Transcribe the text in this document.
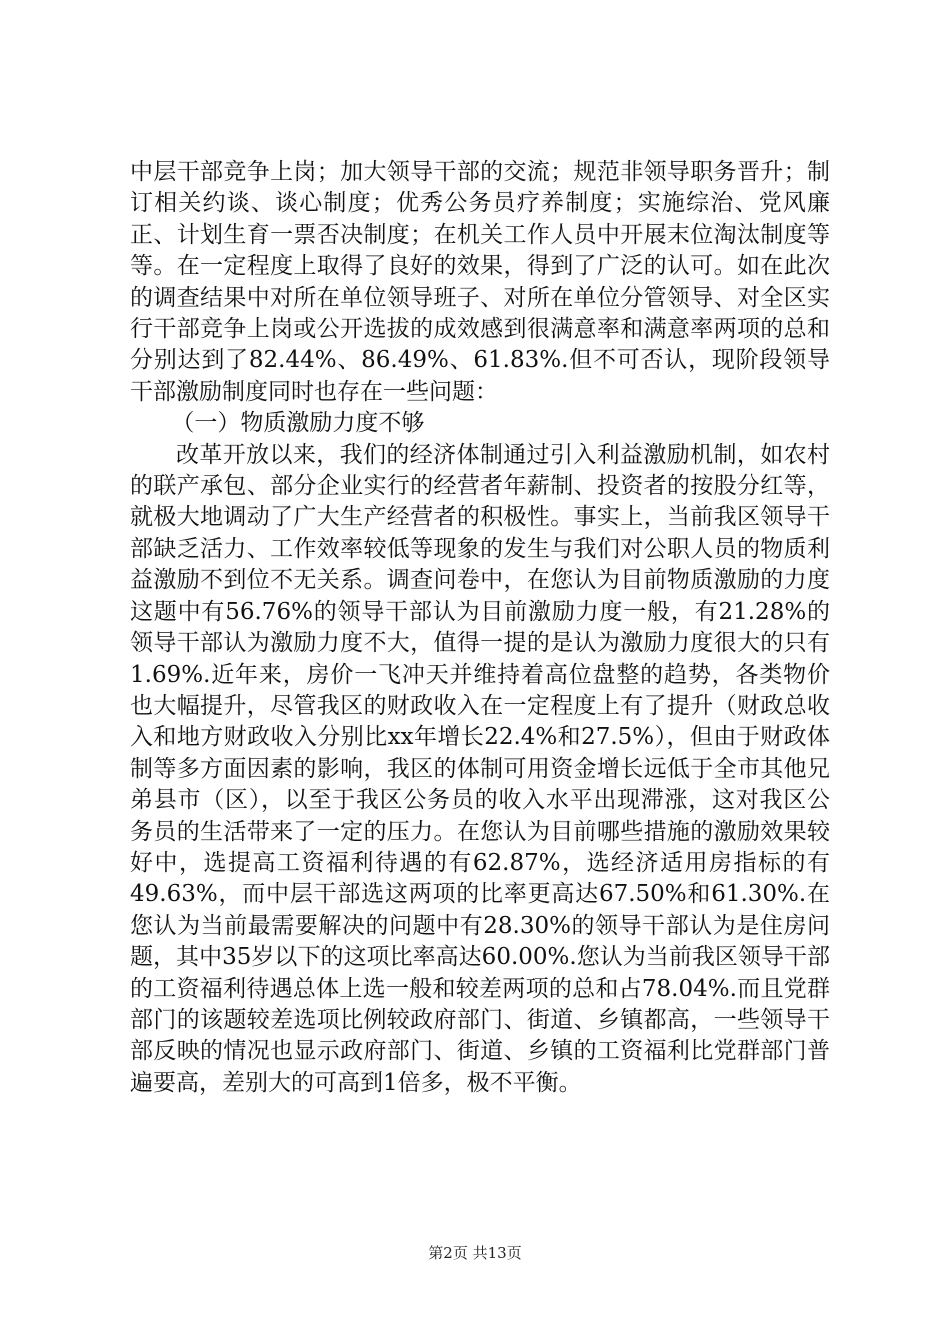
中层干部竞争上岗；加大领导干部的交流；规范非领导职务晋升；制订相关约谈、谈心制度；优秀公务员疗养制度；实施综治、党风廉正、计划生育一票否决制度；在机关工作人员中开展末位淘汰制度等等。在一定程度上取得了良好的效果，得到了广泛的认可。如在此次的调查结果中对所在单位领导班子、对所在单位分管领导、对全区实行干部竞争上岗或公开选拔的成效感到很满意率和满意率两项的总和分别达到了82.44%、86.49%、61.83%.但不可否认，现阶段领导干部激励制度同时也存在一些问题：

（一）物质激励力度不够

改革开放以来，我们的经济体制通过引入利益激励机制，如农村的联产承包、部分企业实行的经营者年薪制、投资者的按股分红等，就极大地调动了广大生产经营者的积极性。事实上，当前我区领导干部缺乏活力、工作效率较低等现象的发生与我们对公职人员的物质利益激励不到位不无关系。调查问卷中，在您认为目前物质激励的力度这题中有56.76%的领导干部认为目前激励力度一般，有21.28%的领导干部认为激励力度不大，值得一提的是认为激励力度很大的只有1.69%.近年来，房价一飞冲天并维持着高位盘整的趋势，各类物价也大幅提升，尽管我区的财政收入在一定程度上有了提升（财政总收入和地方财政收入分别比xx年增长22.4%和27.5%），但由于财政体制等多方面因素的影响，我区的体制可用资金增长远低于全市其他兄弟县市（区），以至于我区公务员的收入水平出现滞涨，这对我区公务员的生活带来了一定的压力。在您认为目前哪些措施的激励效果较好中，选提高工资福利待遇的有62.87%，选经济适用房指标的有49.63%，而中层干部选这两项的比率更高达67.50%和61.30%.在您认为当前最需要解决的问题中有28.30%的领导干部认为是住房问题，其中35岁以下的这项比率高达60.00%.您认为当前我区领导干部的工资福利待遇总体上选一般和较差两项的总和占78.04%.而且党群部门的该题较差选项比例较政府部门、街道、乡镇都高，一些领导干部反映的情况也显示政府部门、街道、乡镇的工资福利比党群部门普遍要高，差别大的可高到1倍多，极不平衡。

第2页 共13页
